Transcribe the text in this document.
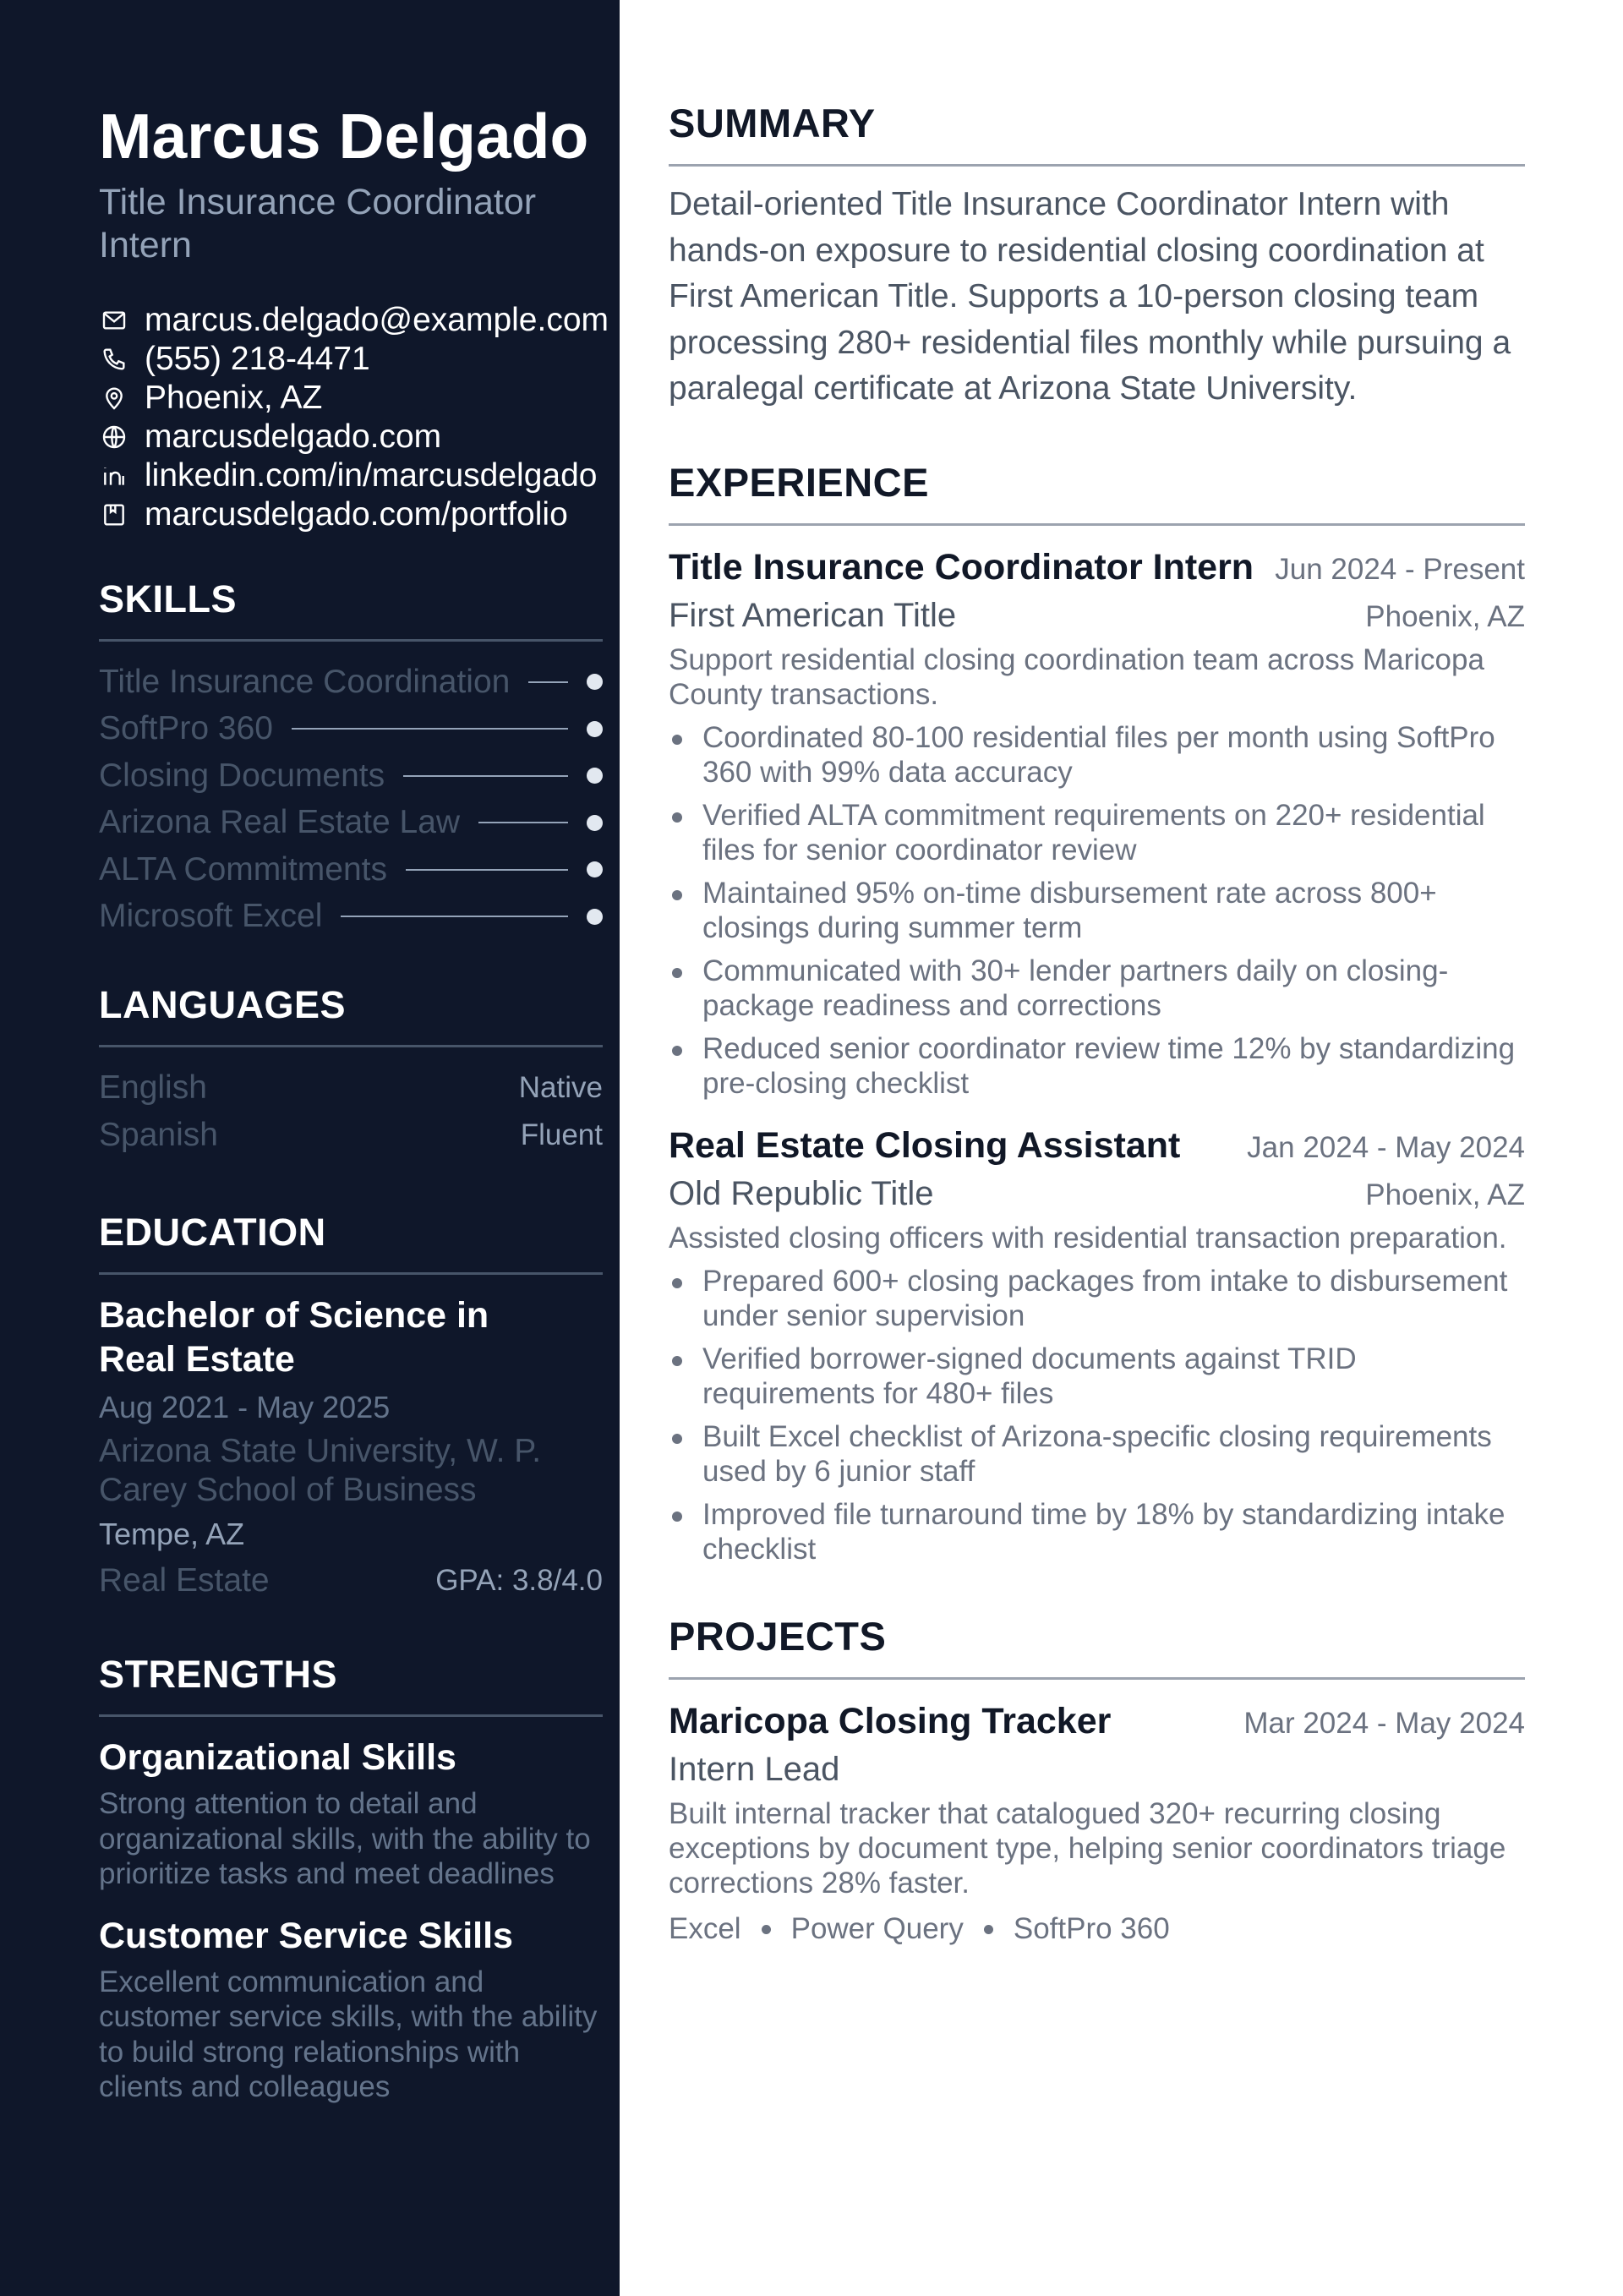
Marcus Delgado
Title Insurance Coordinator Intern
marcus.delgado@example.com
(555) 218-4471
Phoenix, AZ
marcusdelgado.com
linkedin.com/in/marcusdelgado
marcusdelgado.com/portfolio
SKILLS
Title Insurance Coordination
SoftPro 360
Closing Documents
Arizona Real Estate Law
ALTA Commitments
Microsoft Excel
LANGUAGES
English	Native
Spanish	Fluent
EDUCATION
Bachelor of Science in Real Estate
Aug 2021 - May 2025
Arizona State University, W. P. Carey School of Business
Tempe, AZ
Real Estate	GPA: 3.8/4.0
STRENGTHS
Organizational Skills
Strong attention to detail and organizational skills, with the ability to prioritize tasks and meet deadlines
Customer Service Skills
Excellent communication and customer service skills, with the ability to build strong relationships with clients and colleagues
SUMMARY

Detail-oriented Title Insurance Coordinator Intern with hands-on exposure to residential closing coordination at First American Title. Supports a 10-person closing team processing 280+ residential files monthly while pursuing a paralegal certificate at Arizona State University.

EXPERIENCE
Title Insurance Coordinator Intern Jun 2024 - Present
First American Title	Phoenix, AZ
Support residential closing coordination team across Maricopa County transactions.
Coordinated 80-100 residential files per month using SoftPro 360 with 99% data accuracy
Verified ALTA commitment requirements on 220+ residential files for senior coordinator review
Maintained 95% on-time disbursement rate across 800+ closings during summer term
Communicated with 30+ lender partners daily on closing-package readiness and corrections
Reduced senior coordinator review time 12% by standardizing pre-closing checklist
Real Estate Closing Assistant Jan 2024 - May 2024
Old Republic Title	Phoenix, AZ
Assisted closing officers with residential transaction preparation.
Prepared 600+ closing packages from intake to disbursement under senior supervision
Verified borrower-signed documents against TRID requirements for 480+ files
Built Excel checklist of Arizona-specific closing requirements used by 6 junior staff
Improved file turnaround time by 18% by standardizing intake checklist
PROJECTS
Maricopa Closing Tracker	Mar 2024 - May 2024
Intern Lead
Built internal tracker that catalogued 320+ recurring closing exceptions by document type, helping senior coordinators triage corrections 28% faster.
Excel Power Query SoftPro 360
